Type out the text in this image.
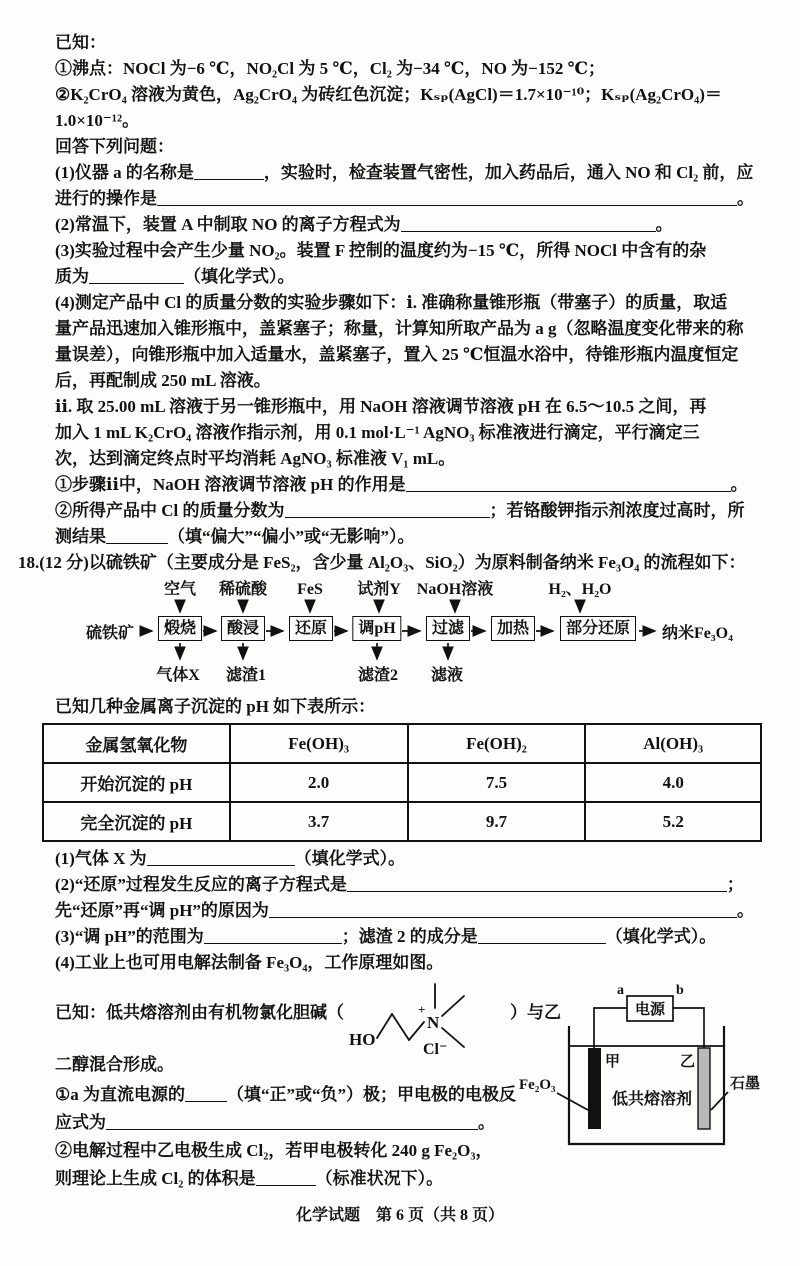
已知：
①沸点：NOCl 为−6 ℃，NO₂Cl 为 5 ℃，Cl₂ 为−34 ℃，NO 为−152 ℃；
②K₂CrO₄ 溶液为黄色，Ag₂CrO₄ 为砖红色沉淀；Kₛₚ(AgCl)＝1.7×10⁻¹⁰；Kₛₚ(Ag₂CrO₄)＝
1.0×10⁻¹²。
回答下列问题：
(1)仪器 a 的名称是	，实验时，检查装置气密性，加入药品后，通入 NO 和 Cl₂ 前，应
进行的操作是	。
(2)常温下，装置 A 中制取 NO 的离子方程式为	。
(3)实验过程中会产生少量 NO₂。装置 F 控制的温度约为−15 ℃，所得 NOCl 中含有的杂
质为	（填化学式）。
(4)测定产品中 Cl 的质量分数的实验步骤如下：ⅰ. 准确称量锥形瓶（带塞子）的质量，取适
量产品迅速加入锥形瓶中，盖紧塞子；称量，计算知所取产品为 a g（忽略温度变化带来的称
量误差），向锥形瓶中加入适量水，盖紧塞子，置入 25 ℃恒温水浴中，待锥形瓶内温度恒定
后，再配制成 250 mL 溶液。
ⅱ. 取 25.00 mL 溶液于另一锥形瓶中，用 NaOH 溶液调节溶液 pH 在 6.5～10.5 之间，再
加入 1 mL K₂CrO₄ 溶液作指示剂，用 0.1 mol·L⁻¹ AgNO₃ 标准液进行滴定，平行滴定三
次，达到滴定终点时平均消耗 AgNO₃ 标准液 V₁ mL。
①步骤ⅱ中，NaOH 溶液调节溶液 pH 的作用是	。
②所得产品中 Cl 的质量分数为	；若铬酸钾指示剂浓度过高时，所
测结果	（填“偏大”“偏小”或“无影响”）。
18.(12 分)以硫铁矿（主要成分是 FeS₂，含少量 Al₂O₃、SiO₂）为原料制备纳米 Fe₃O₄ 的流程如下：
硫铁矿	煅烧	酸浸	还原	调pH	过滤	加热	部分还原	纳米Fe₃O₄
空气 稀硫酸 FeS 试剂Y NaOH溶液	H₂、H₂O
气体X 滤渣1	滤渣2 滤液
已知几种金属离子沉淀的 pH 如下表所示：
金属氢氧化物	Fe(OH)₃	Fe(OH)₂	Al(OH)₃
开始沉淀的 pH	2.0	7.5	4.0
完全沉淀的 pH	3.7	9.7	5.2
(1)气体 X 为	（填化学式）。
(2)“还原”过程发生反应的离子方程式是	；
先“还原”再“调 pH”的原因为	。
(3)“调 pH”的范围为	；滤渣 2 的成分是	（填化学式）。
(4)工业上也可用电解法制备 Fe₃O₄，工作原理如图。
已知：低共熔溶剂由有机物氯化胆碱（
HO
N
+
Cl⁻
）与乙
二醇混合形成。
①a 为直流电源的 （填“正”或“负”）极；甲电极的电极反
应式为	。
②电解过程中乙电极生成 Cl₂，若甲电极转化 240 g Fe₂O₃，
则理论上生成 Cl₂ 的体积是	（标准状况下）。
电源
a	b
甲	乙
Fe₂O₃	石墨
低共熔溶剂
化学试题　第 6 页（共 8 页）
